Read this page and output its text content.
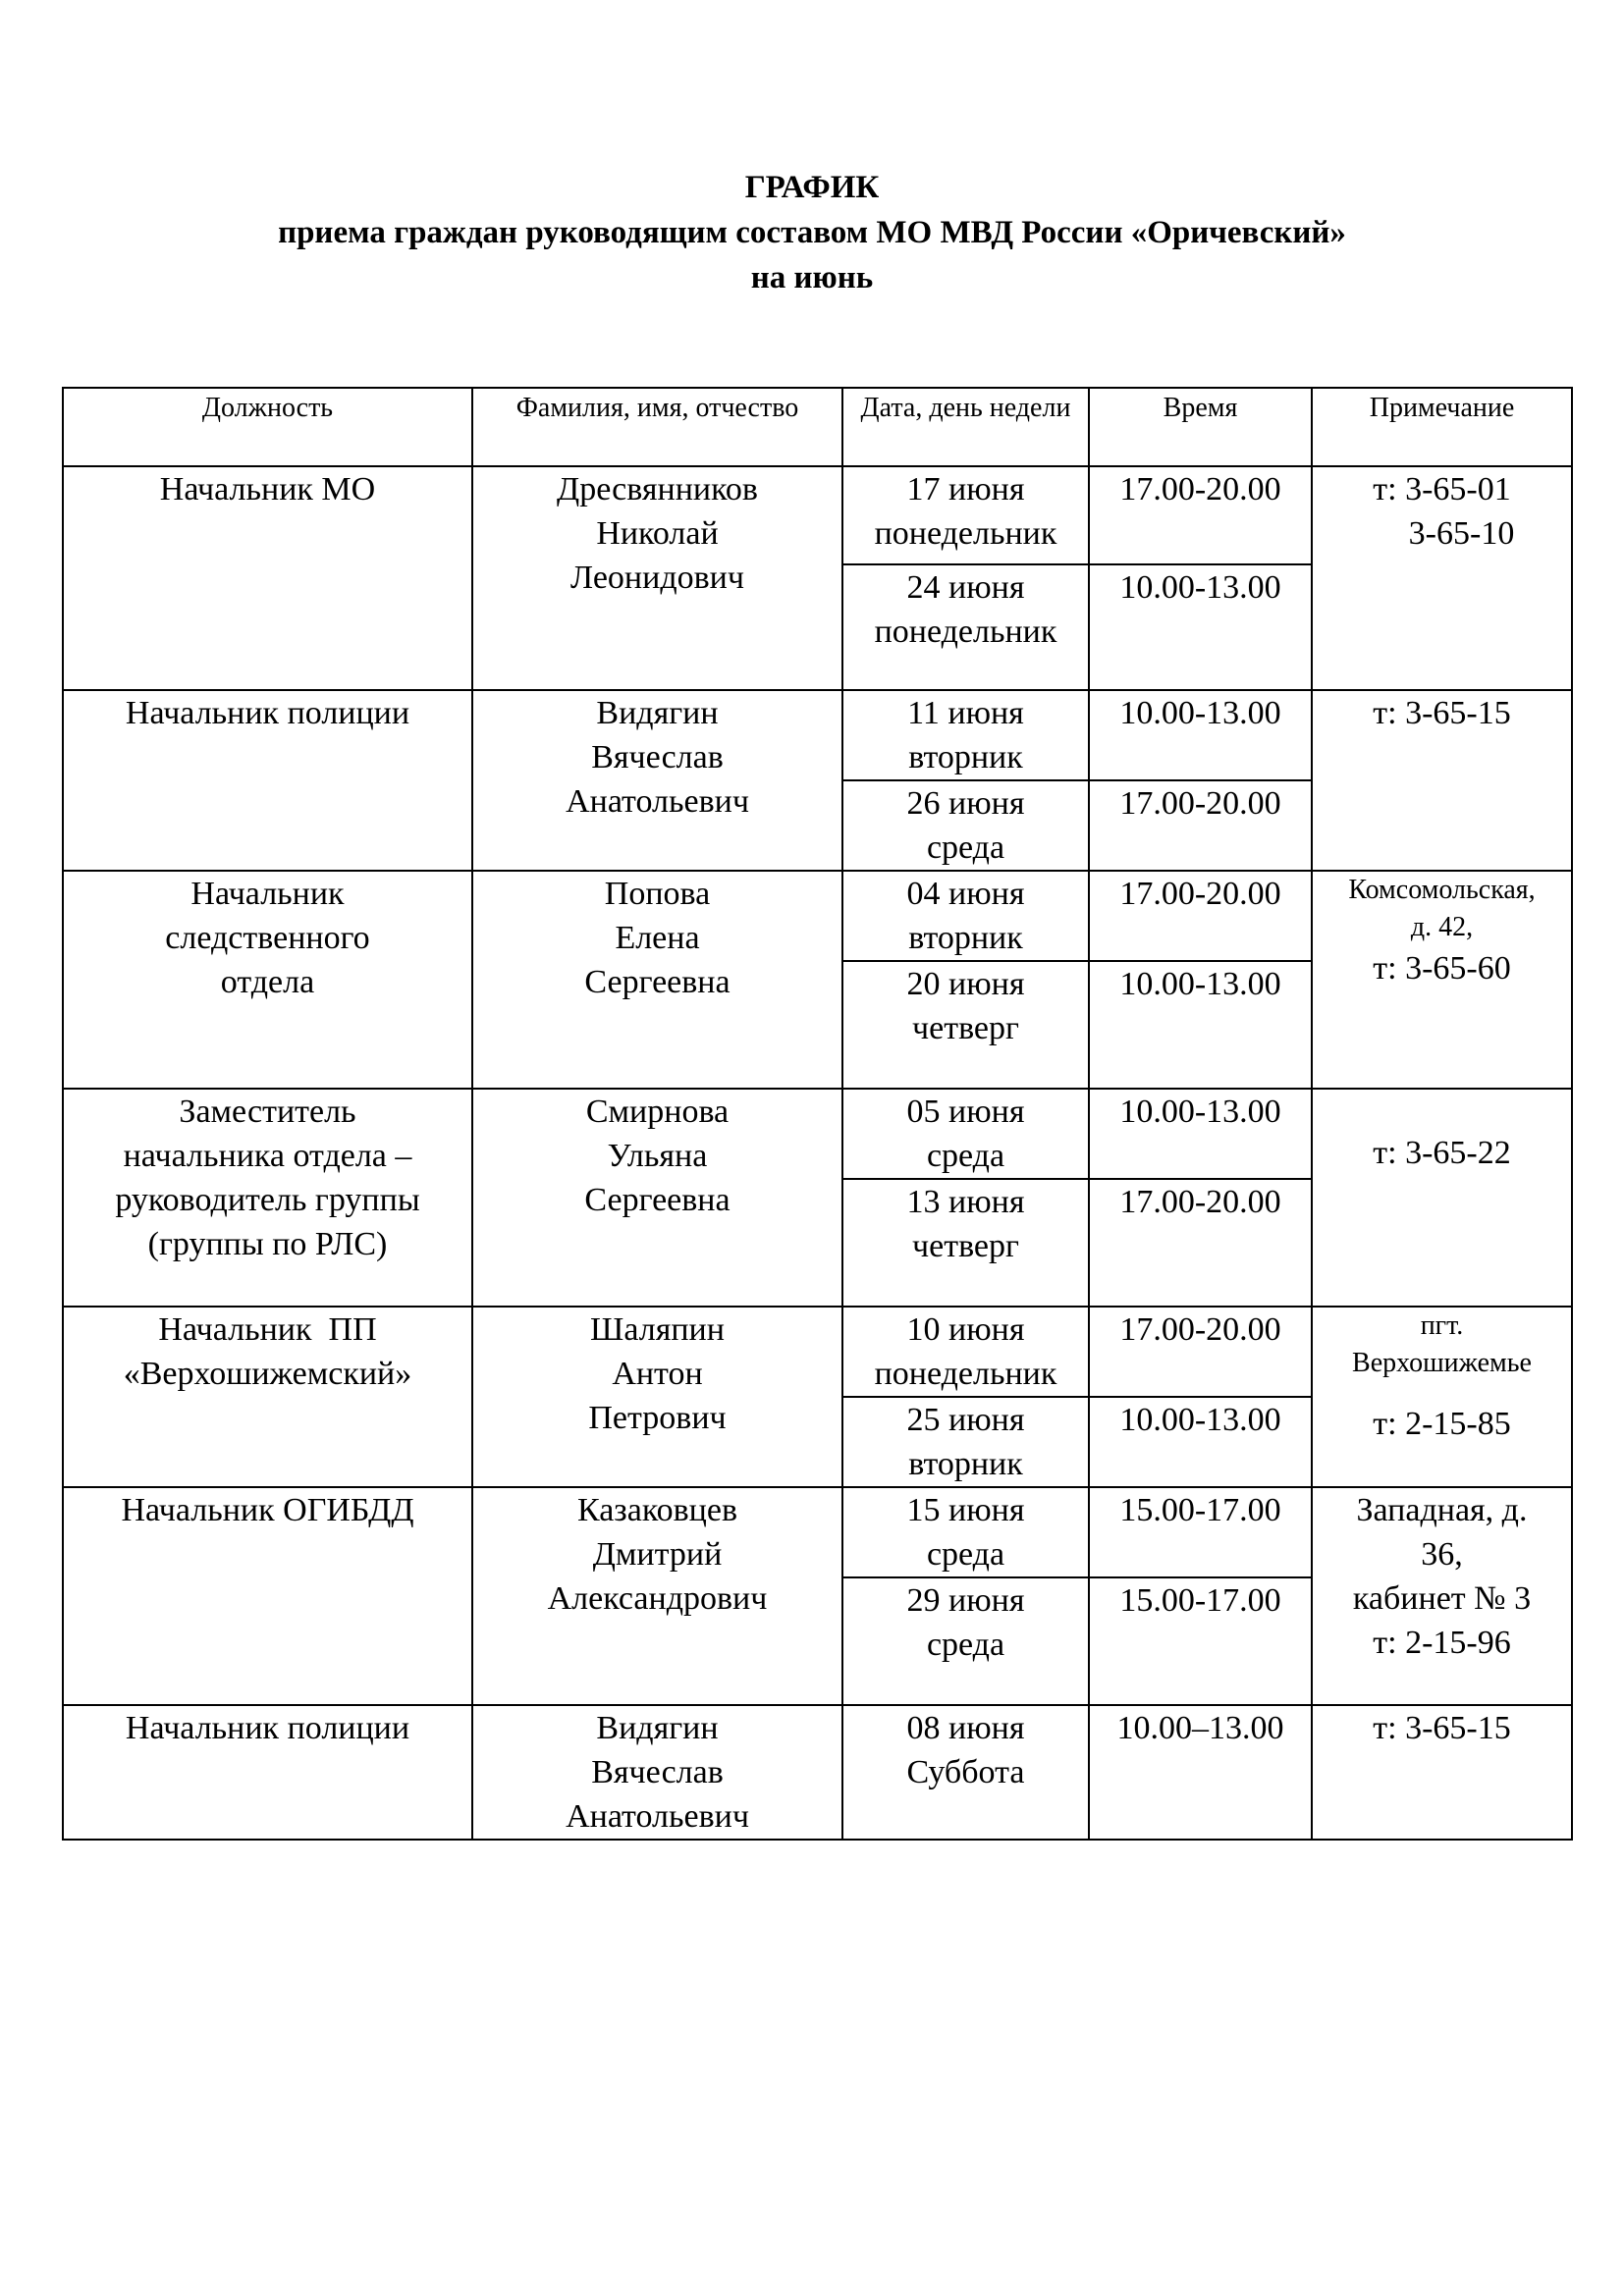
ГРАФИК
приема граждан руководящим составом МО МВД России «Оричевский»
на июнь
Должность	Фамилия, имя, отчество	Дата, день недели	Время	Примечание

Начальник МО	Дресвянников
Николай
Леонидович	17 июня
понедельник	17.00-20.00	т: 3-65-01
3-65-10

		24 июня
понедельник	10.00-13.00	

Начальник полиции	Видягин
Вячеслав
Анатольевич	11 июня
вторник	10.00-13.00	т: 3-65-15

		26 июня
среда	17.00-20.00	

Начальник
следственного
отдела	Попова
Елена
Сергеевна	04 июня
вторник	17.00-20.00	Комсомольская,
д. 42,
т: 3-65-60

		20 июня
четверг	10.00-13.00	

Заместитель
начальника отдела –
руководитель группы
(группы по РЛС)	Смирнова
Ульяна
Сергеевна	05 июня
среда	10.00-13.00	т: 3-65-22

		13 июня
четверг	17.00-20.00	

Начальник  ПП
«Верхошижемский»	Шаляпин
Антон
Петрович	10 июня
понедельник	17.00-20.00	пгт.
Верхошижемье
т: 2-15-85

		25 июня
вторник	10.00-13.00	

Начальник ОГИБДД	Казаковцев
Дмитрий
Александрович	15 июня
среда	15.00-17.00	Западная, д.
36,
кабинет № 3
т: 2-15-96

		29 июня
среда	15.00-17.00	

Начальник полиции	Видягин
Вячеслав
Анатольевич	08 июня
Суббота	10.00–13.00	т: 3-65-15
